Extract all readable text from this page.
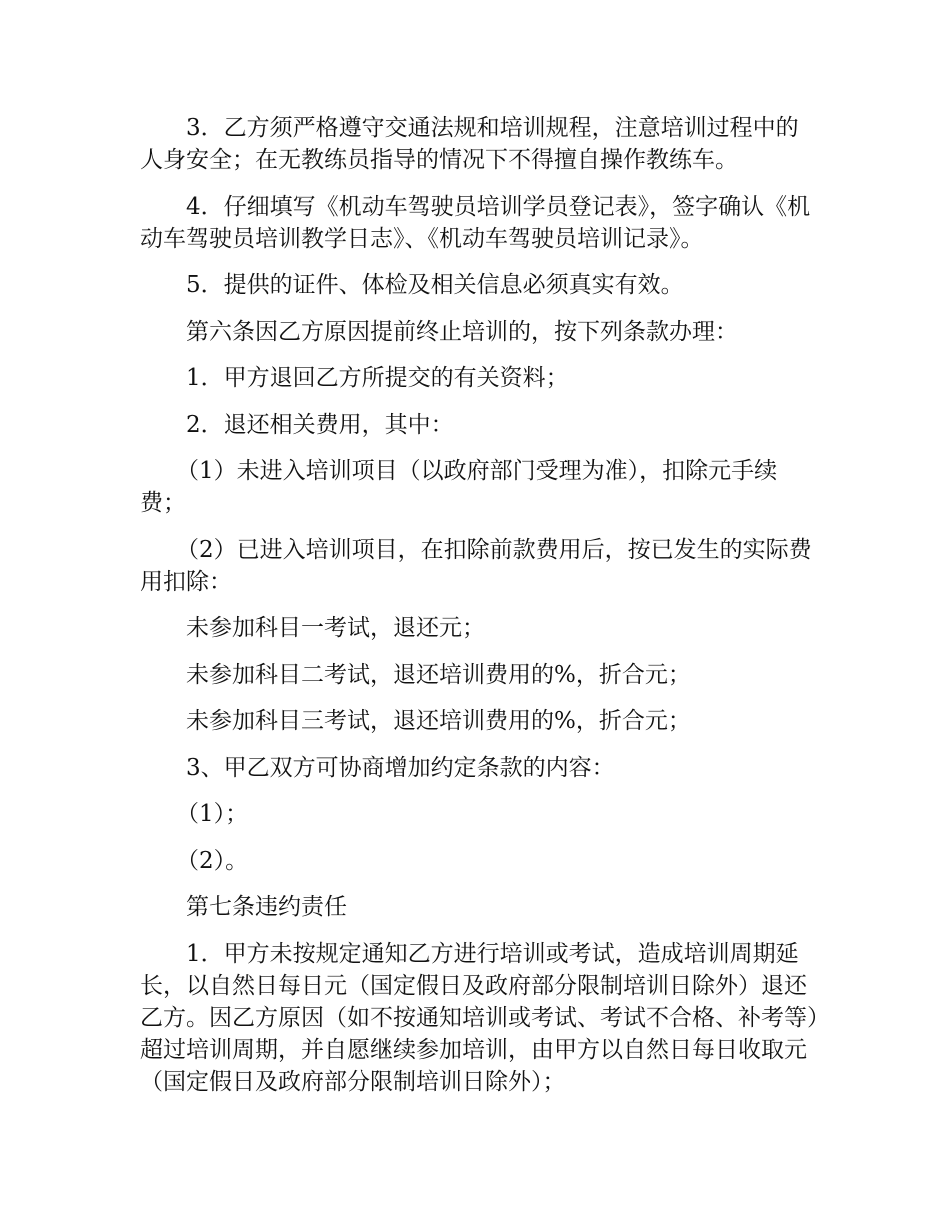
3．乙方须严格遵守交通法规和培训规程，注意培训过程中的人身安全；在无教练员指导的情况下不得擅自操作教练车。

4．仔细填写《机动车驾驶员培训学员登记表》，签字确认《机动车驾驶员培训教学日志》、《机动车驾驶员培训记录》。

5．提供的证件、体检及相关信息必须真实有效。

第六条因乙方原因提前终止培训的，按下列条款办理：

1．甲方退回乙方所提交的有关资料；

2．退还相关费用，其中：

（1）未进入培训项目（以政府部门受理为准），扣除元手续费；

（2）已进入培训项目，在扣除前款费用后，按已发生的实际费用扣除：

未参加科目一考试，退还元；

未参加科目二考试，退还培训费用的%，折合元；

未参加科目三考试，退还培训费用的%，折合元；

3、甲乙双方可协商增加约定条款的内容：

（1）；

（2）。

第七条违约责任

1．甲方未按规定通知乙方进行培训或考试，造成培训周期延长，以自然日每日元（国定假日及政府部分限制培训日除外）退还乙方。因乙方原因（如不按通知培训或考试、考试不合格、补考等）超过培训周期，并自愿继续参加培训，由甲方以自然日每日收取元（国定假日及政府部分限制培训日除外）；
